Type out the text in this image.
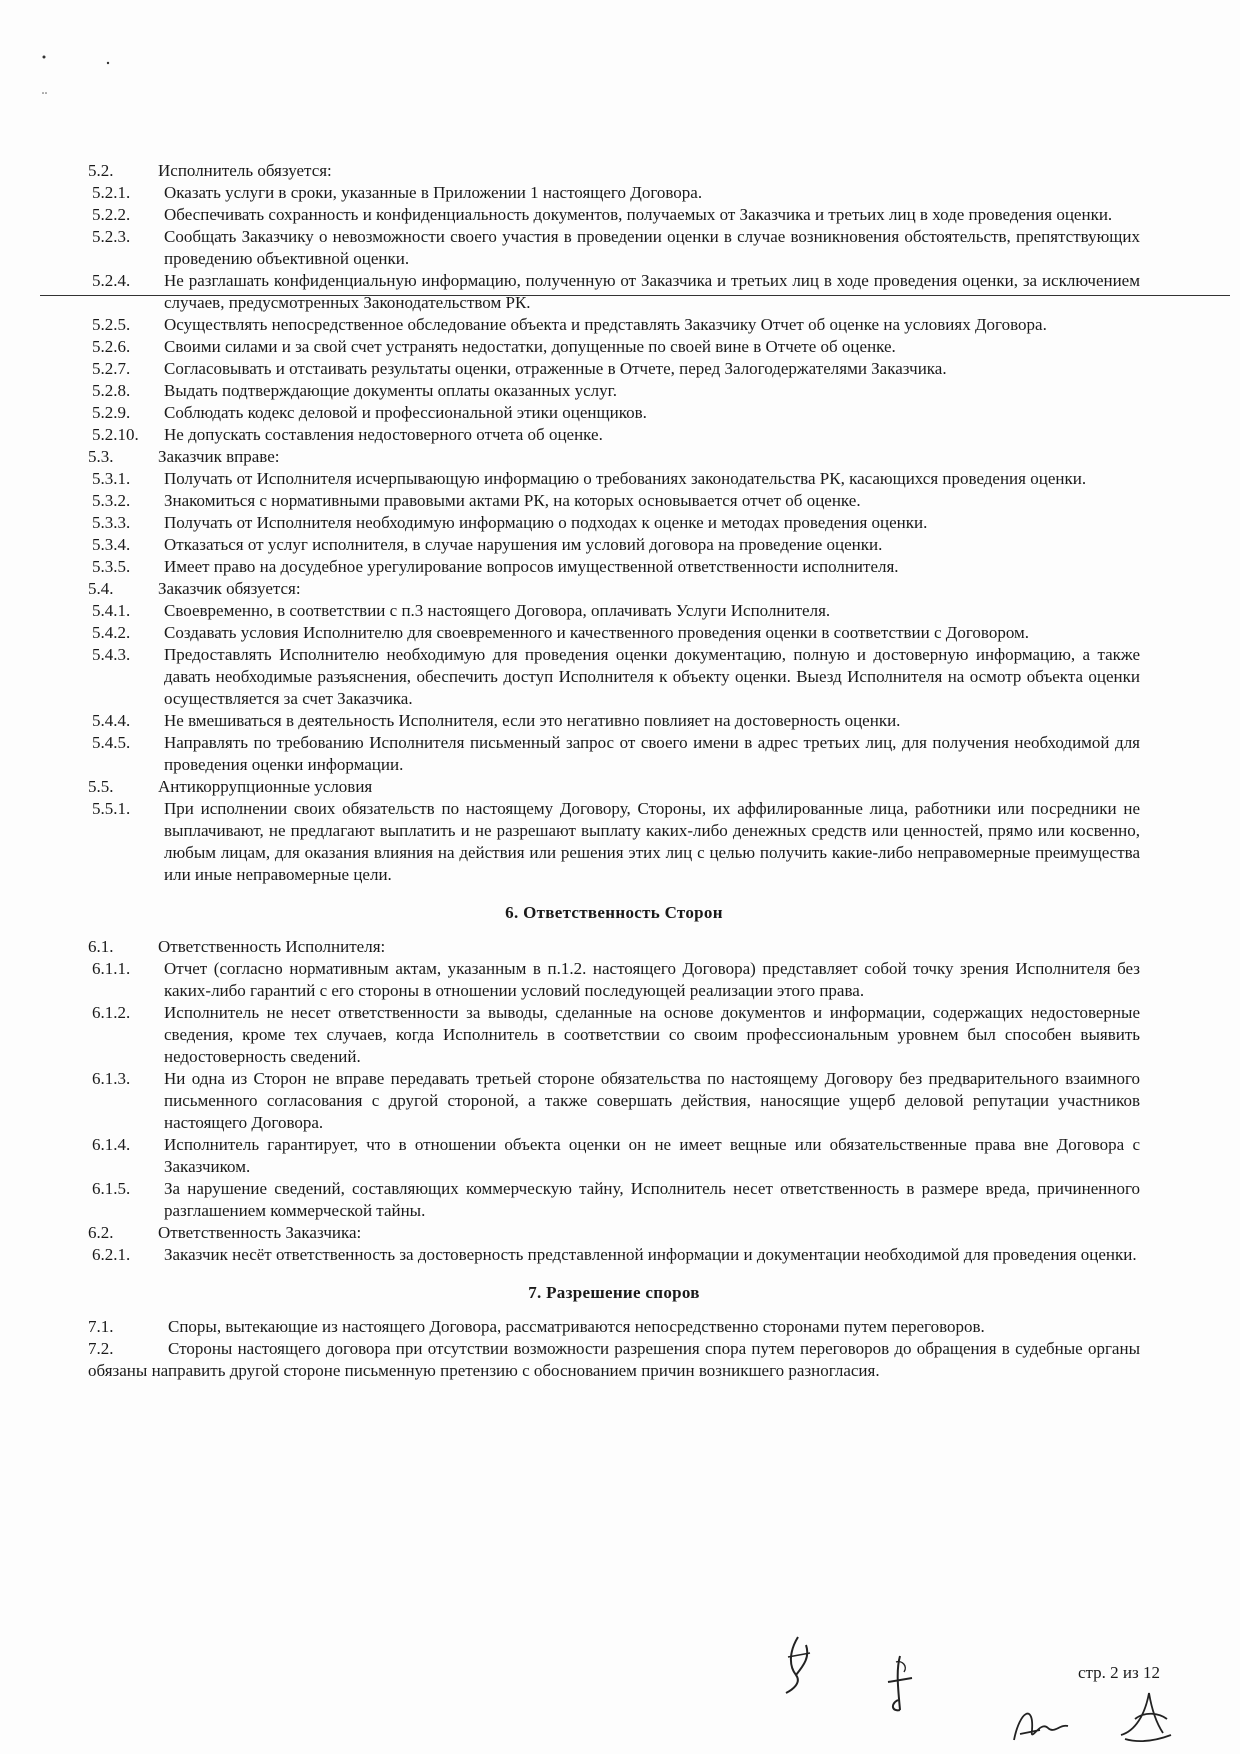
5.2.	Исполнитель обязуется:
5.2.1.	Оказать услуги в сроки, указанные в Приложении 1 настоящего Договора.
5.2.2.	Обеспечивать сохранность и конфиденциальность документов, получаемых от Заказчика и третьих лиц в ходе проведения оценки.
5.2.3.	Сообщать Заказчику о невозможности своего участия в проведении оценки в случае возникновения обстоятельств, препятствующих проведению объективной оценки.
5.2.4.	Не разглашать конфиденциальную информацию, полученную от Заказчика и третьих лиц в ходе проведения оценки, за исключением случаев, предусмотренных Законодательством РК.
5.2.5.	Осуществлять непосредственное обследование объекта и представлять Заказчику Отчет об оценке на условиях Договора.
5.2.6.	Своими силами и за свой счет устранять недостатки, допущенные по своей вине в Отчете об оценке.
5.2.7.	Согласовывать и отстаивать результаты оценки, отраженные в Отчете, перед Залогодержателями Заказчика.
5.2.8.	Выдать подтверждающие документы оплаты оказанных услуг.
5.2.9.	Соблюдать кодекс деловой и профессиональной этики оценщиков.
5.2.10.	Не допускать составления недостоверного отчета об оценке.
5.3.	Заказчик вправе:
5.3.1.	Получать от Исполнителя исчерпывающую информацию о требованиях законодательства РК, касающихся проведения оценки.
5.3.2.	Знакомиться с нормативными правовыми актами РК, на которых основывается отчет об оценке.
5.3.3.	Получать от Исполнителя необходимую информацию о подходах к оценке и методах проведения оценки.
5.3.4.	Отказаться от услуг исполнителя, в случае нарушения им условий договора на проведение оценки.
5.3.5.	Имеет право на досудебное урегулирование вопросов имущественной ответственности исполнителя.
5.4.	Заказчик обязуется:
5.4.1.	Своевременно, в соответствии с п.3 настоящего Договора, оплачивать Услуги Исполнителя.
5.4.2.	Создавать условия Исполнителю для своевременного и качественного проведения оценки в соответствии с Договором.
5.4.3.	Предоставлять Исполнителю необходимую для проведения оценки документацию, полную и достоверную информацию, а также давать необходимые разъяснения, обеспечить доступ Исполнителя к объекту оценки. Выезд Исполнителя на осмотр объекта оценки осуществляется за счет Заказчика.
5.4.4.	Не вмешиваться в деятельность Исполнителя, если это негативно повлияет на достоверность оценки.
5.4.5.	Направлять по требованию Исполнителя письменный запрос от своего имени в адрес третьих лиц, для получения необходимой для проведения оценки информации.
5.5.	Антикоррупционные условия
5.5.1.	При исполнении своих обязательств по настоящему Договору, Стороны, их аффилированные лица, работники или посредники не выплачивают, не предлагают выплатить и не разрешают выплату каких-либо денежных средств или ценностей, прямо или косвенно, любым лицам, для оказания влияния на действия или решения этих лиц с целью получить какие-либо неправомерные преимущества или иные неправомерные цели.
6. Ответственность Сторон
6.1.	Ответственность Исполнителя:
6.1.1.	Отчет (согласно нормативным актам, указанным в п.1.2. настоящего Договора) представляет собой точку зрения Исполнителя без каких-либо гарантий с его стороны в отношении условий последующей реализации этого права.
6.1.2.	Исполнитель не несет ответственности за выводы, сделанные на основе документов и информации, содержащих недостоверные сведения, кроме тех случаев, когда Исполнитель в соответствии со своим профессиональным уровнем был способен выявить недостоверность сведений.
6.1.3.	Ни одна из Сторон не вправе передавать третьей стороне обязательства по настоящему Договору без предварительного взаимного письменного согласования с другой стороной, а также совершать действия, наносящие ущерб деловой репутации участников настоящего Договора.
6.1.4.	Исполнитель гарантирует, что в отношении объекта оценки он не имеет вещные или обязательственные права вне Договора с Заказчиком.
6.1.5.	За нарушение сведений, составляющих коммерческую тайну, Исполнитель несет ответственность в размере вреда, причиненного разглашением коммерческой тайны.
6.2.	Ответственность Заказчика:
6.2.1.	Заказчик несёт ответственность за достоверность представленной информации и документации необходимой для проведения оценки.
7. Разрешение споров
7.1.	Споры, вытекающие из настоящего Договора, рассматриваются непосредственно сторонами путем переговоров.
7.2.	Стороны настоящего договора при отсутствии возможности разрешения спора путем переговоров до обращения в судебные органы обязаны направить другой стороне письменную претензию с обоснованием причин возникшего разногласия.
стр. 2 из 12
